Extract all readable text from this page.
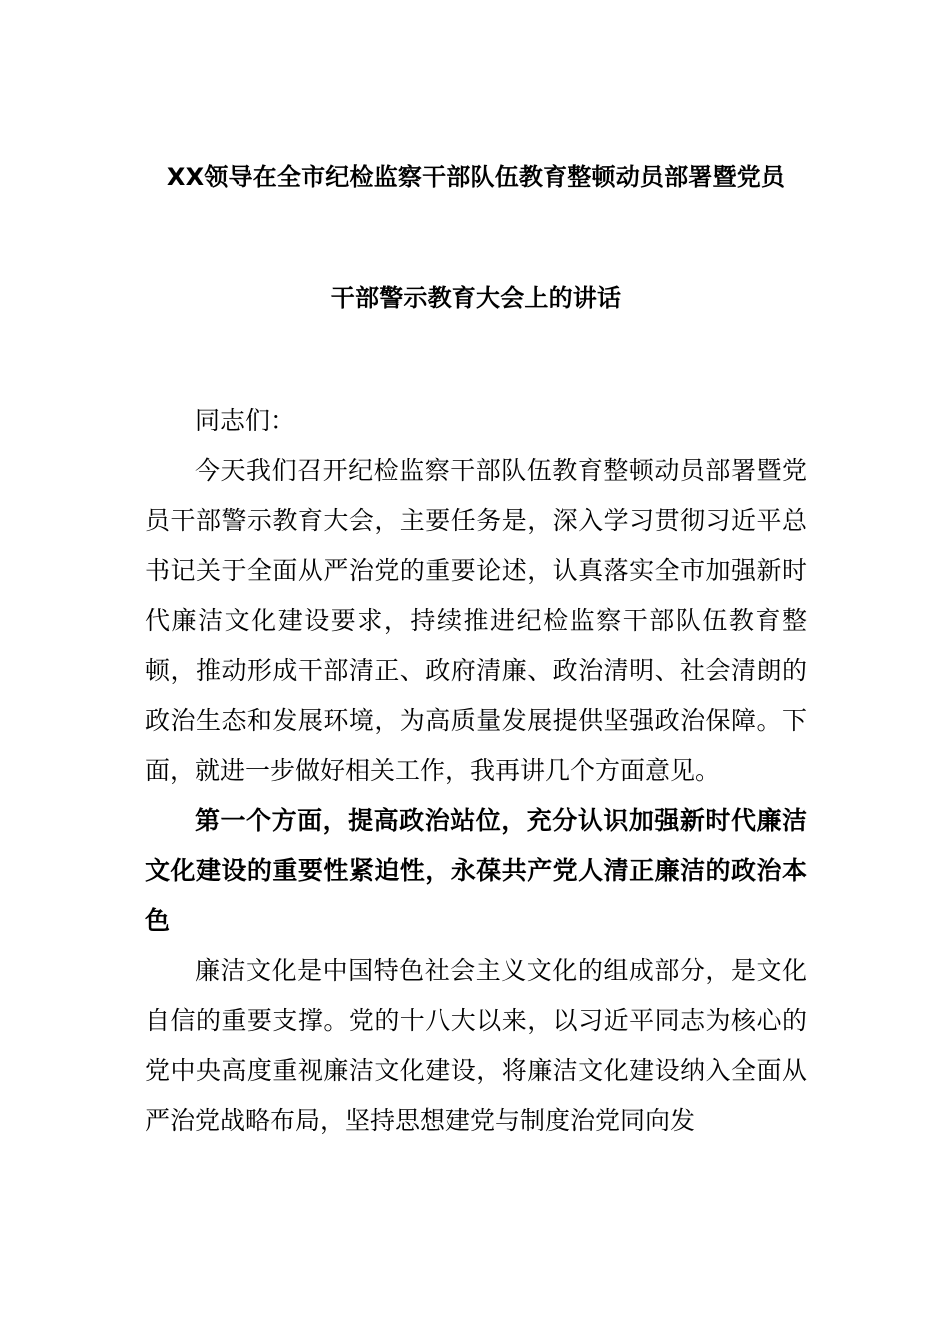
XX领导在全市纪检监察干部队伍教育整顿动员部署暨党员
干部警示教育大会上的讲话

同志们：

今天我们召开纪检监察干部队伍教育整顿动员部署暨党员干部警示教育大会，主要任务是，深入学习贯彻习近平总书记关于全面从严治党的重要论述，认真落实全市加强新时代廉洁文化建设要求，持续推进纪检监察干部队伍教育整顿，推动形成干部清正、政府清廉、政治清明、社会清朗的政治生态和发展环境，为高质量发展提供坚强政治保障。下面，就进一步做好相关工作，我再讲几个方面意见。

第一个方面，提高政治站位，充分认识加强新时代廉洁文化建设的重要性紧迫性，永葆共产党人清正廉洁的政治本色

廉洁文化是中国特色社会主义文化的组成部分，是文化自信的重要支撑。党的十八大以来，以习近平同志为核心的党中央高度重视廉洁文化建设，将廉洁文化建设纳入全面从严治党战略布局，坚持思想建党与制度治党同向发
